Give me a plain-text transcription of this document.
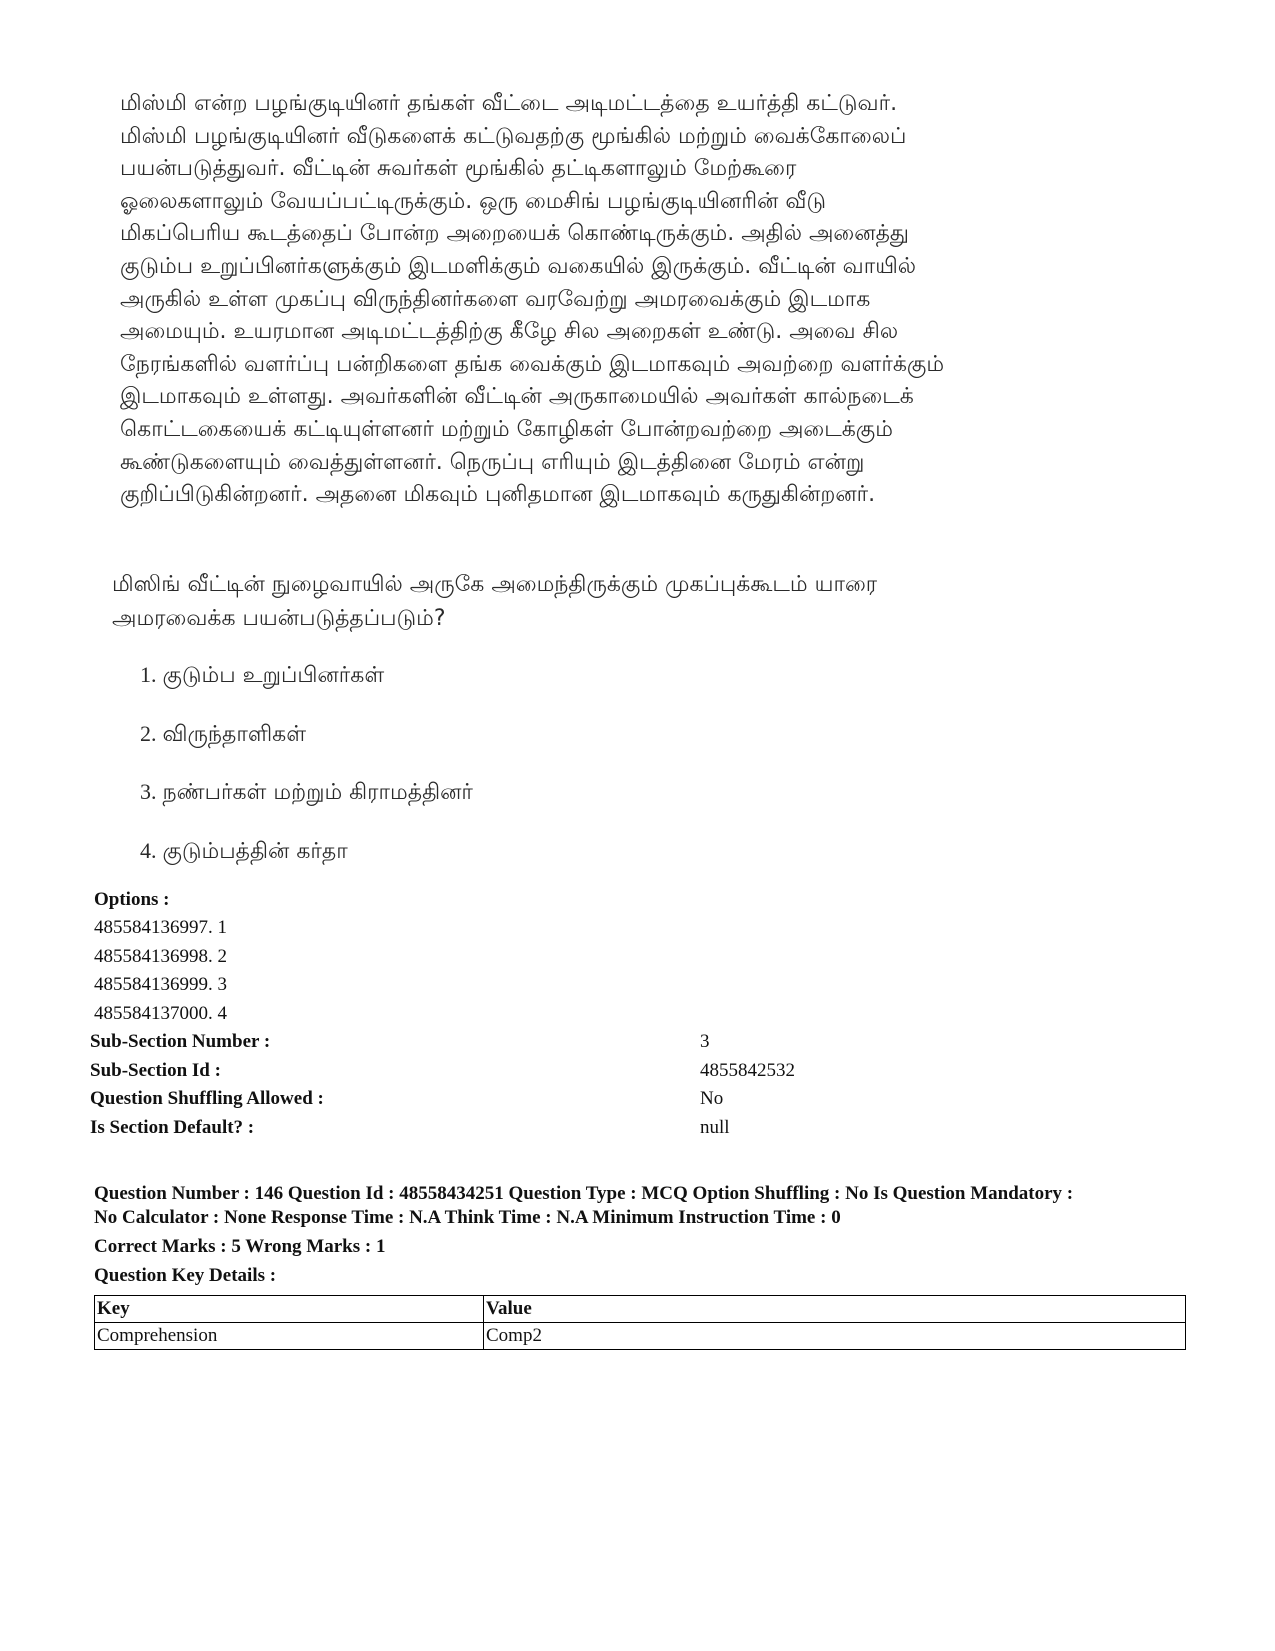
மிஸ்மி என்ற பழங்குடியினர் தங்கள் வீட்டை அடிமட்டத்தை உயர்த்தி கட்டுவர்.
மிஸ்மி பழங்குடியினர் வீடுகளைக் கட்டுவதற்கு மூங்கில் மற்றும் வைக்கோலைப்
பயன்படுத்துவர். வீட்டின் சுவர்கள் மூங்கில் தட்டிகளாலும் மேற்கூரை
ஓலைகளாலும் வேயப்பட்டிருக்கும். ஒரு மைசிங் பழங்குடியினரின் வீடு
மிகப்பெரிய கூடத்தைப் போன்ற அறையைக் கொண்டிருக்கும். அதில் அனைத்து
குடும்ப உறுப்பினர்களுக்கும் இடமளிக்கும் வகையில் இருக்கும். வீட்டின் வாயில்
அருகில் உள்ள முகப்பு விருந்தினர்களை வரவேற்று அமரவைக்கும் இடமாக
அமையும். உயரமான அடிமட்டத்திற்கு கீழே சில அறைகள் உண்டு. அவை சில
நேரங்களில் வளர்ப்பு பன்றிகளை தங்க வைக்கும் இடமாகவும் அவற்றை வளர்க்கும்
இடமாகவும் உள்ளது. அவர்களின் வீட்டின் அருகாமையில் அவர்கள் கால்நடைக்
கொட்டகையைக் கட்டியுள்ளனர் மற்றும் கோழிகள் போன்றவற்றை அடைக்கும்
கூண்டுகளையும் வைத்துள்ளனர். நெருப்பு எரியும் இடத்தினை மேரம் என்று
குறிப்பிடுகின்றனர். அதனை மிகவும் புனிதமான இடமாகவும் கருதுகின்றனர்.
மிஸிங் வீட்டின் நுழைவாயில் அருகே அமைந்திருக்கும் முகப்புக்கூடம் யாரை
அமரவைக்க பயன்படுத்தப்படும்?
1. குடும்ப உறுப்பினர்கள்
2. விருந்தாளிகள்
3. நண்பர்கள் மற்றும் கிராமத்தினர்
4. குடும்பத்தின் கர்தா
Options :
485584136997. 1
485584136998. 2
485584136999. 3
485584137000. 4
Sub-Section Number :	3
Sub-Section Id :	4855842532
Question Shuffling Allowed :	No
Is Section Default? :	null
Question Number : 146 Question Id : 48558434251 Question Type : MCQ Option Shuffling : No Is Question Mandatory :
No Calculator : None Response Time : N.A Think Time : N.A Minimum Instruction Time : 0
Correct Marks : 5 Wrong Marks : 1
Question Key Details :
Key	Value
Comprehension	Comp2
